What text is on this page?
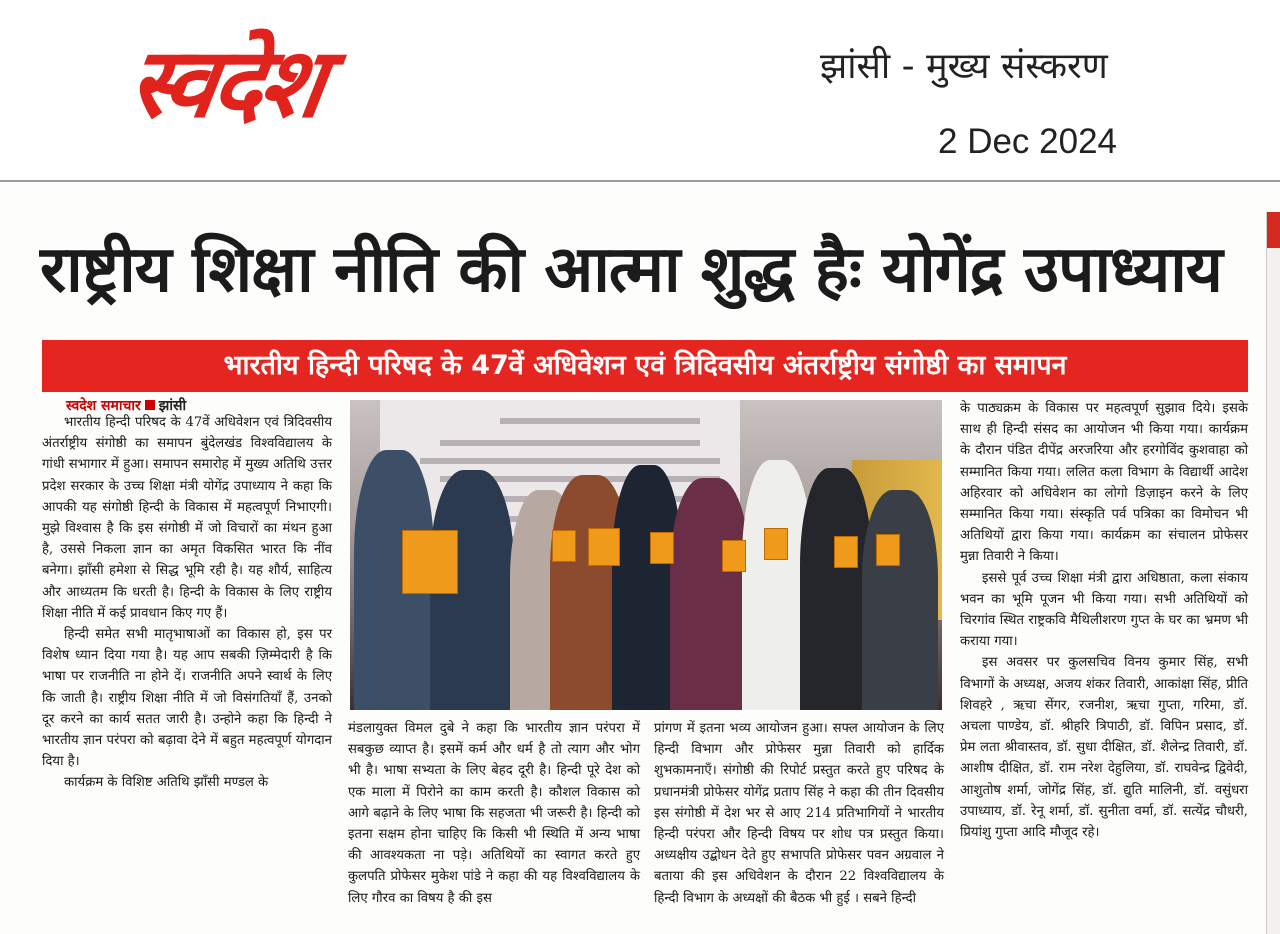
स्वदेश	झांसी - मुख्य संस्करण
2 Dec 2024
राष्ट्रीय शिक्षा नीति की आत्मा शुद्ध हैः योगेंद्र उपाध्याय
भारतीय हिन्दी परिषद के 47वें अधिवेशन एवं त्रिदिवसीय अंतर्राष्ट्रीय संगोष्ठी का समापन
स्वदेश समाचार झांसी

भारतीय हिन्दी परिषद के 47वें अधिवेशन एवं त्रिदिवसीय अंतर्राष्ट्रीय संगोष्ठी का समापन बुंदेलखंड विश्वविद्यालय के गांधी सभागार में हुआ। समापन समारोह में मुख्य अतिथि उत्तर प्रदेश सरकार के उच्च शिक्षा मंत्री योगेंद्र उपाध्याय ने कहा कि आपकी यह संगोष्ठी हिन्दी के विकास में महत्वपूर्ण निभाएगी। मुझे विश्वास है कि इस संगोष्ठी में जो विचारों का मंथन हुआ है, उससे निकला ज्ञान का अमृत विकसित भारत कि नींव बनेगा। झाँसी हमेशा से सिद्ध भूमि रही है। यह शौर्य, साहित्य और आध्यतम कि धरती है। हिन्दी के विकास के लिए राष्ट्रीय शिक्षा नीति में कई प्रावधान किए गए हैं।

हिन्दी समेत सभी मातृभाषाओं का विकास हो, इस पर विशेष ध्यान दिया गया है। यह आप सबकी ज़िम्मेदारी है कि भाषा पर राजनीति ना होने दें। राजनीति अपने स्वार्थ के लिए कि जाती है। राष्ट्रीय शिक्षा नीति में जो विसंगतियाँ हैं, उनको दूर करने का कार्य सतत जारी है। उन्होने कहा कि हिन्दी ने भारतीय ज्ञान परंपरा को बढ़ावा देने में बहुत महत्वपूर्ण योगदान दिया है।

कार्यक्रम के विशिष्ट अतिथि झाँसी मण्डल के

मंडलायुक्त विमल दुबे ने कहा कि भारतीय ज्ञान परंपरा में सबकुछ व्याप्त है। इसमें कर्म और धर्म है तो त्याग और भोग भी है। भाषा सभ्यता के लिए बेहद दूरी है। हिन्दी पूरे देश को एक माला में पिरोने का काम करती है। कौशल विकास को आगे बढ़ाने के लिए भाषा कि सहजता भी जरूरी है। हिन्दी को इतना सक्षम होना चाहिए कि किसी भी स्थिति में अन्य भाषा की आवश्यकता ना पड़े। अतिथियों का स्वागत करते हुए कुलपति प्रोफेसर मुकेश पांडे ने कहा की यह विश्वविद्यालय के लिए गौरव का विषय है की इस

प्रांगण में इतना भव्य आयोजन हुआ। सफ्ल आयोजन के लिए हिन्दी विभाग और प्रोफेसर मुन्ना तिवारी को हार्दिक शुभकामनाएँ। संगोष्ठी की रिपोर्ट प्रस्तुत करते हुए परिषद के प्रधानमंत्री प्रोफेसर योगेंद्र प्रताप सिंह ने कहा की तीन दिवसीय इस संगोष्ठी में देश भर से आए 214 प्रतिभागियों ने भारतीय हिन्दी परंपरा और हिन्दी विषय पर शोध पत्र प्रस्तुत किया। अध्यक्षीय उद्बोधन देते हुए सभापति प्रोफेसर पवन अग्रवाल ने बताया की इस अधिवेशन के दौरान 22 विश्वविद्यालय के हिन्दी विभाग के अध्यक्षों की बैठक भी हुई । सबने हिन्दी

के पाठ्यक्रम के विकास पर महत्वपूर्ण सुझाव दिये। इसके साथ ही हिन्दी संसद का आयोजन भी किया गया। कार्यक्रम के दौरान पंडित दीपेंद्र अरजरिया और हरगोविंद कुशवाहा को सम्मानित किया गया। ललित कला विभाग के विद्यार्थी आदेश अहिरवार को अधिवेशन का लोगो डिज़ाइन करने के लिए सम्मानित किया गया। संस्कृति पर्व पत्रिका का विमोचन भी अतिथियों द्वारा किया गया। कार्यक्रम का संचालन प्रोफेसर मुन्ना तिवारी ने किया।

इससे पूर्व उच्च शिक्षा मंत्री द्वारा अधिष्ठाता, कला संकाय भवन का भूमि पूजन भी किया गया। सभी अतिथियों को चिरगांव स्थित राष्ट्रकवि मैथिलीशरण गुप्त के घर का भ्रमण भी कराया गया।

इस अवसर पर कुलसचिव विनय कुमार सिंह, सभी विभागों के अध्यक्ष, अजय शंकर तिवारी, आकांक्षा सिंह, प्रीति शिवहरे , ऋचा सेंगर, रजनीश, ऋचा गुप्ता, गरिमा, डॉ. अचला पाण्डेय, डॉ. श्रीहरि त्रिपाठी, डॉ. विपिन प्रसाद, डॉ. प्रेम लता श्रीवास्तव, डॉ. सुधा दीक्षित, डॉ. शैलेन्द्र तिवारी, डॉ. आशीष दीक्षित, डॉ. राम नरेश देहुलिया, डॉ. राघवेन्द्र द्विवेदी, आशुतोष शर्मा, जोगेंद्र सिंह, डॉ. द्युति मालिनी, डॉ. वसुंधरा उपाध्याय, डॉ. रेनू शर्मा, डॉ. सुनीता वर्मा, डॉ. सत्येंद्र चौधरी, प्रियांशु गुप्ता आदि मौजूद रहे।
